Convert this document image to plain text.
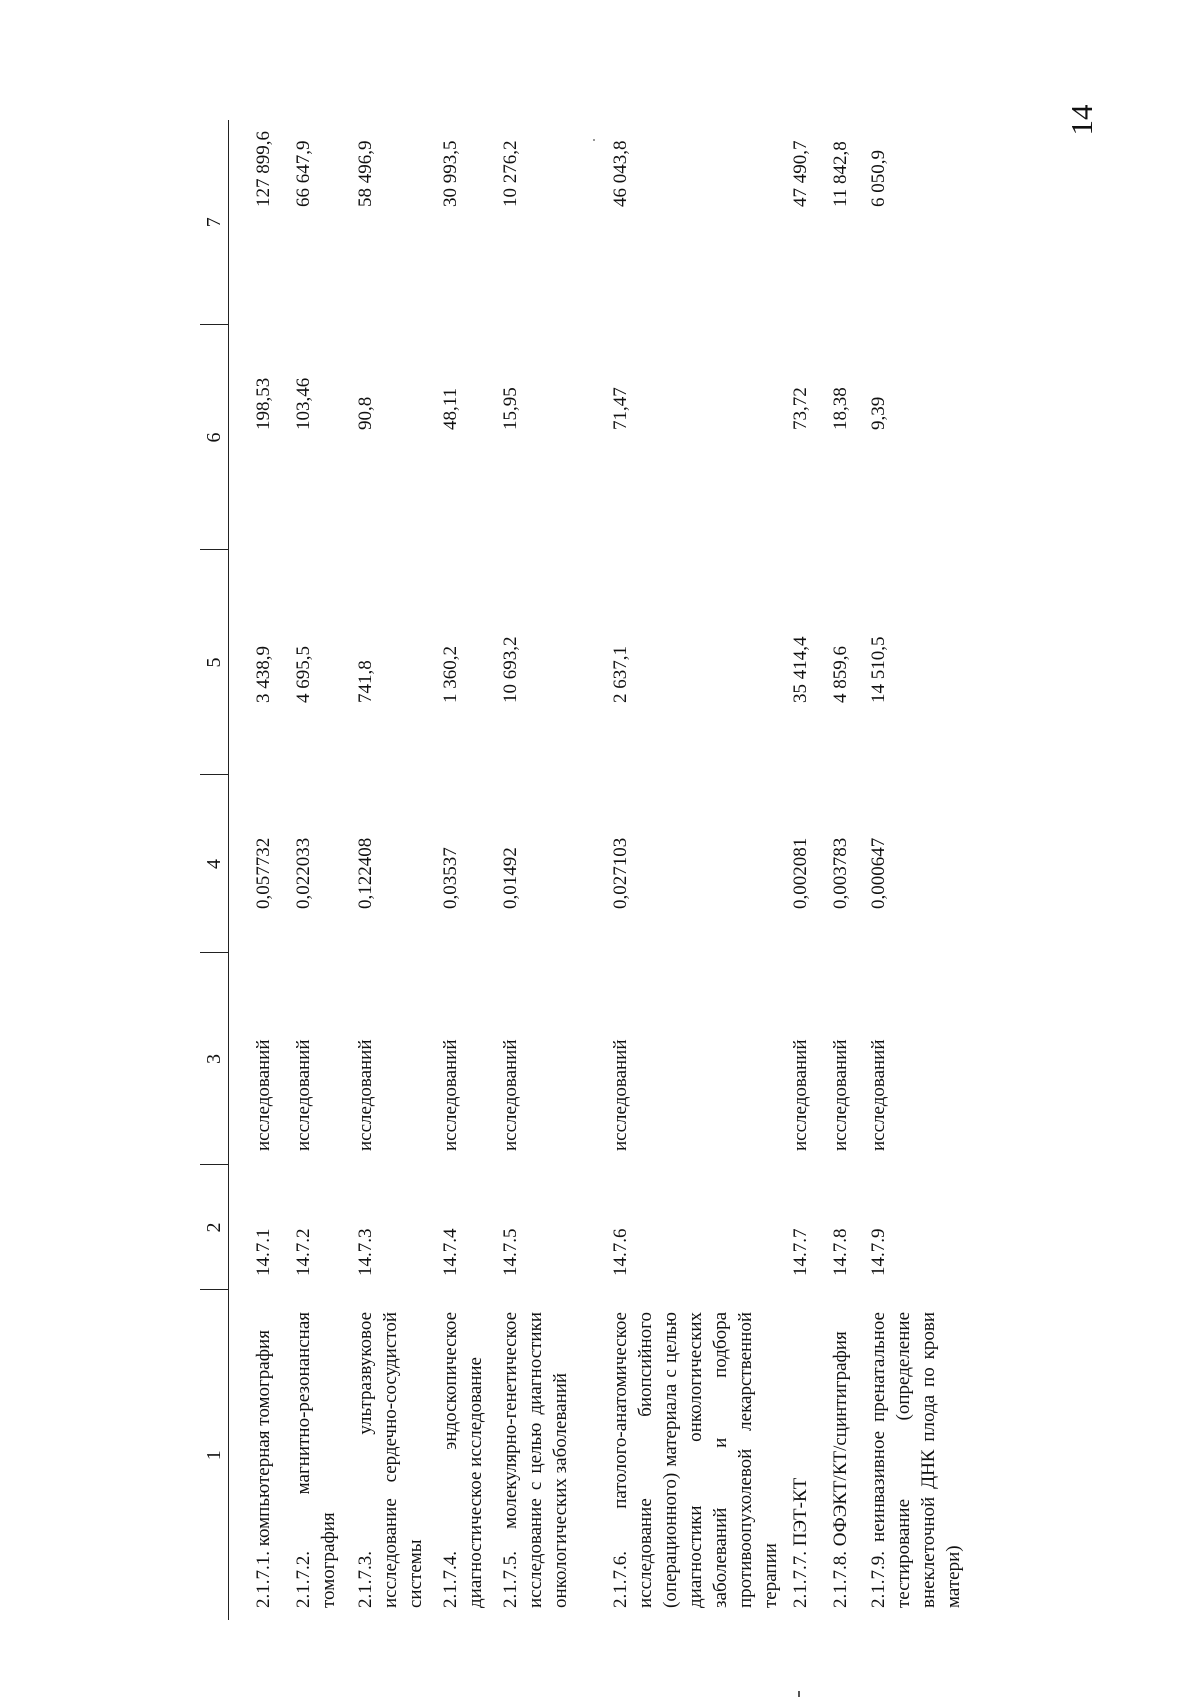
14
1	2	3	4	5	6	7
2.1.7.1. компьютерная томография	14.7.1	исследований	0,057732	3 438,9	198,53	127 899,6
2.1.7.2. магнитно-резонансная томография	14.7.2	исследований	0,022033	4 695,5	103,46	66 647,9
2.1.7.3. ультразвуковое исследование сердечно-сосудистой системы	14.7.3	исследований	0,122408	741,8	90,8	58 496,9
2.1.7.4. эндоскопическое диагностическое исследование	14.7.4	исследований	0,03537	1 360,2	48,11	30 993,5
2.1.7.5. молекулярно-генетическое исследование с целью диагностики онкологических заболеваний	14.7.5	исследований	0,01492	10 693,2	15,95	10 276,2
2.1.7.6. патолого-анатомическое исследование биопсийного (операционного) материала с целью диагностики онкологических заболеваний и подбора противоопухолевой лекарственной терапии	14.7.6	исследований	0,027103	2 637,1	71,47	46 043,8
2.1.7.7. ПЭТ-КТ	14.7.7	исследований	0,002081	35 414,4	73,72	47 490,7
2.1.7.8. ОФЭКТ/КТ/сцинтиграфия	14.7.8	исследований	0,003783	4 859,6	18,38	11 842,8
2.1.7.9. неинвазивное пренатальное тестирование (определение внеклеточной ДНК плода по крови матери)	14.7.9	исследований	0,000647	14 510,5	9,39	6 050,9
